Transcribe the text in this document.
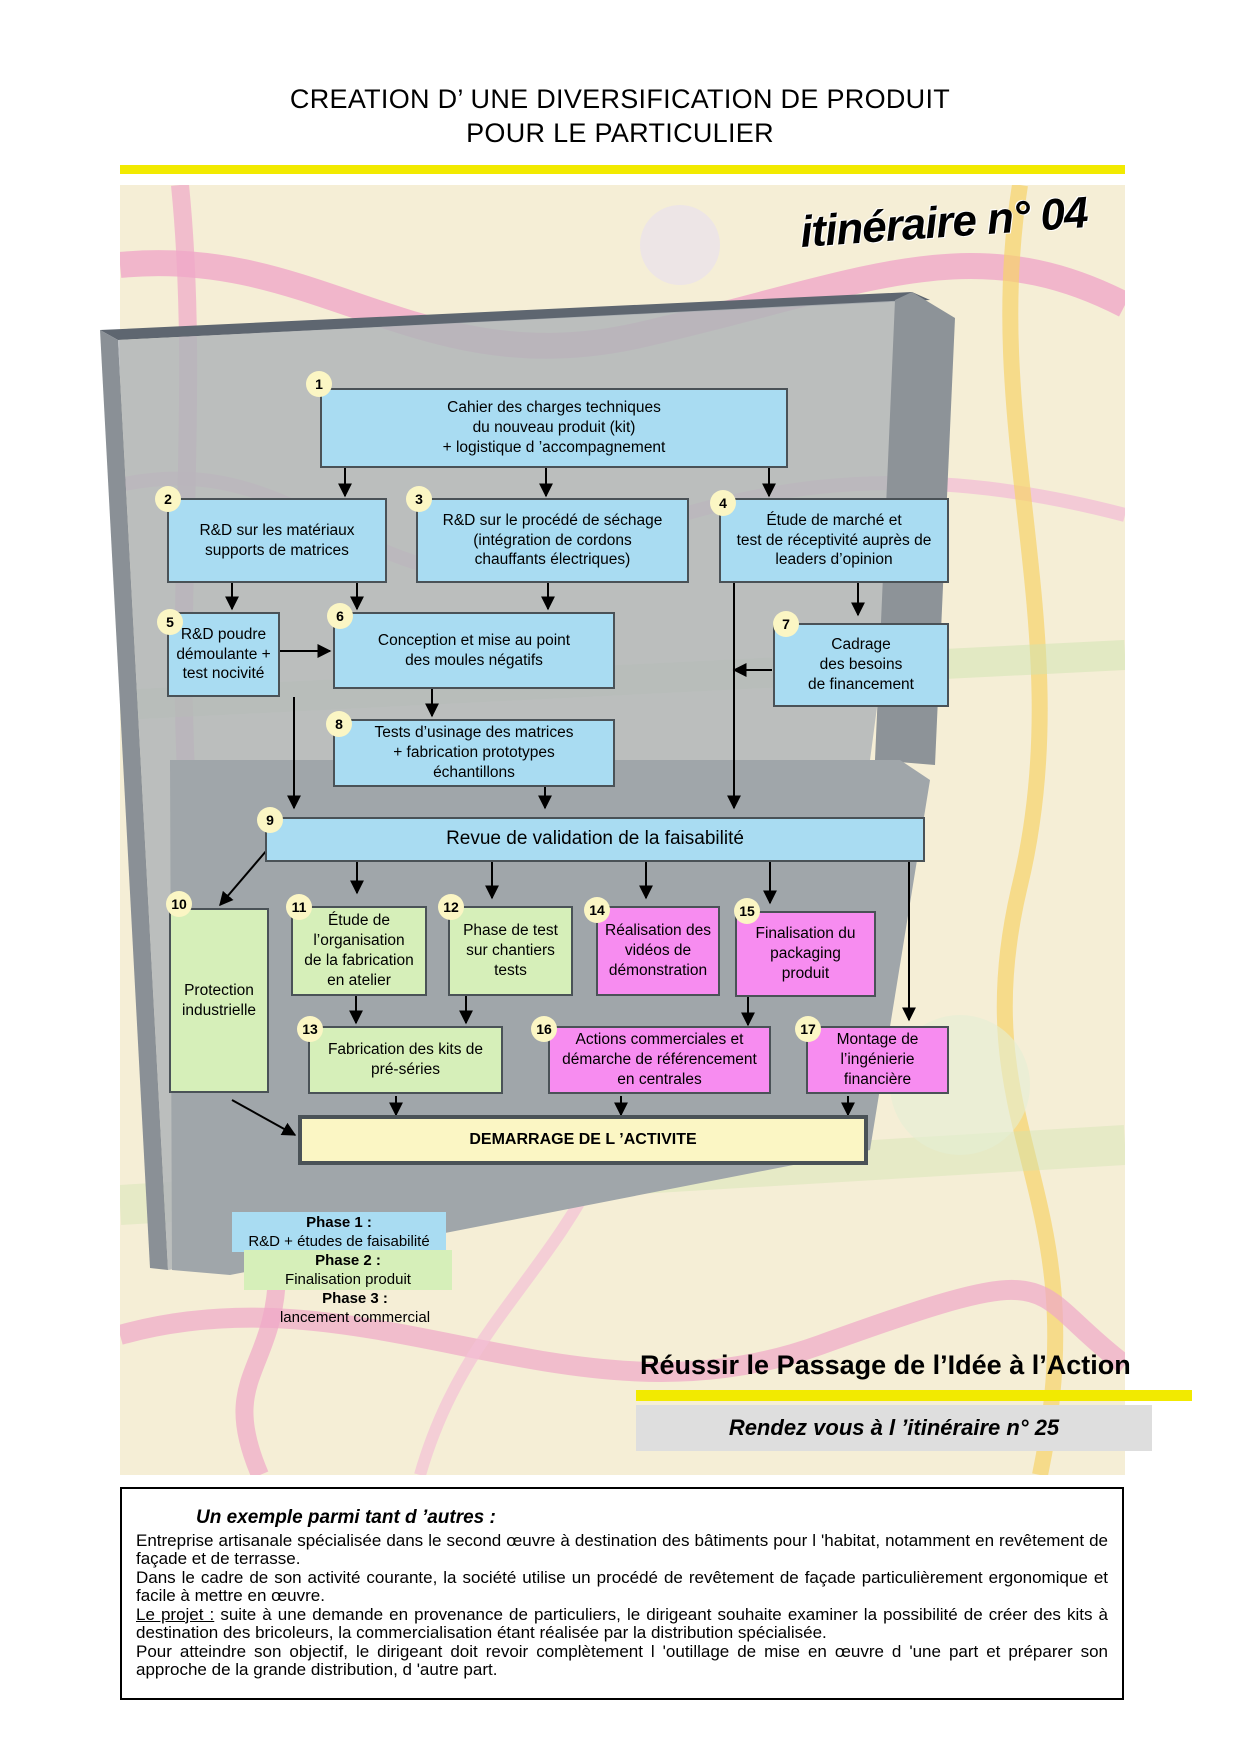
CREATION D’ UNE DIVERSIFICATION DE PRODUIT
POUR LE PARTICULIER
itinéraire n° 04
Cahier des charges techniques
du nouveau produit (kit)
+ logistique d ’accompagnement
1
R&D sur les matériaux
supports de matrices
2
R&D sur le procédé de séchage
(intégration de cordons
chauffants électriques)
3
Étude de marché et
test de réceptivité auprès de
leaders d’opinion
4
R&D poudre
démoulante +
test nocivité
5
Conception et mise au point
des moules négatifs
6
Cadrage
des besoins
de financement
7
Tests d’usinage des matrices
+ fabrication prototypes
échantillons
8
Revue de validation de la faisabilité
9
Protection
industrielle
10
Étude de
l’organisation
de la fabrication
en atelier
11
Phase de test
sur chantiers
tests
12
Réalisation des
vidéos de
démonstration
14
Finalisation du
packaging
produit
15
Fabrication des kits de
pré-séries
13
Actions commerciales et
démarche de référencement
en centrales
16
Montage de
l’ingénierie
financière
17
DEMARRAGE DE L ’ACTIVITE
Phase 1 :
R&D + études de faisabilité
Phase 2 :
Finalisation produit
Phase 3 :
lancement commercial
Réussir le Passage de l’Idée à l’Action
Rendez vous à l ’itinéraire n° 25
Un exemple parmi tant d ’autres :

Entreprise artisanale spécialisée dans le second œuvre à destination des bâtiments pour l 'habitat, notamment en revêtement de façade et de terrasse.

Dans le cadre de son activité courante, la société utilise un procédé de revêtement de façade particulièrement ergonomique et facile à mettre en œuvre.

Le projet : suite à une demande en provenance de particuliers, le dirigeant souhaite examiner la possibilité de créer des kits à destination des bricoleurs, la commercialisation étant réalisée par la distribution spécialisée.

Pour atteindre son objectif, le dirigeant doit revoir complètement l 'outillage de mise en œuvre d 'une part et préparer son approche de la grande distribution, d 'autre part.
